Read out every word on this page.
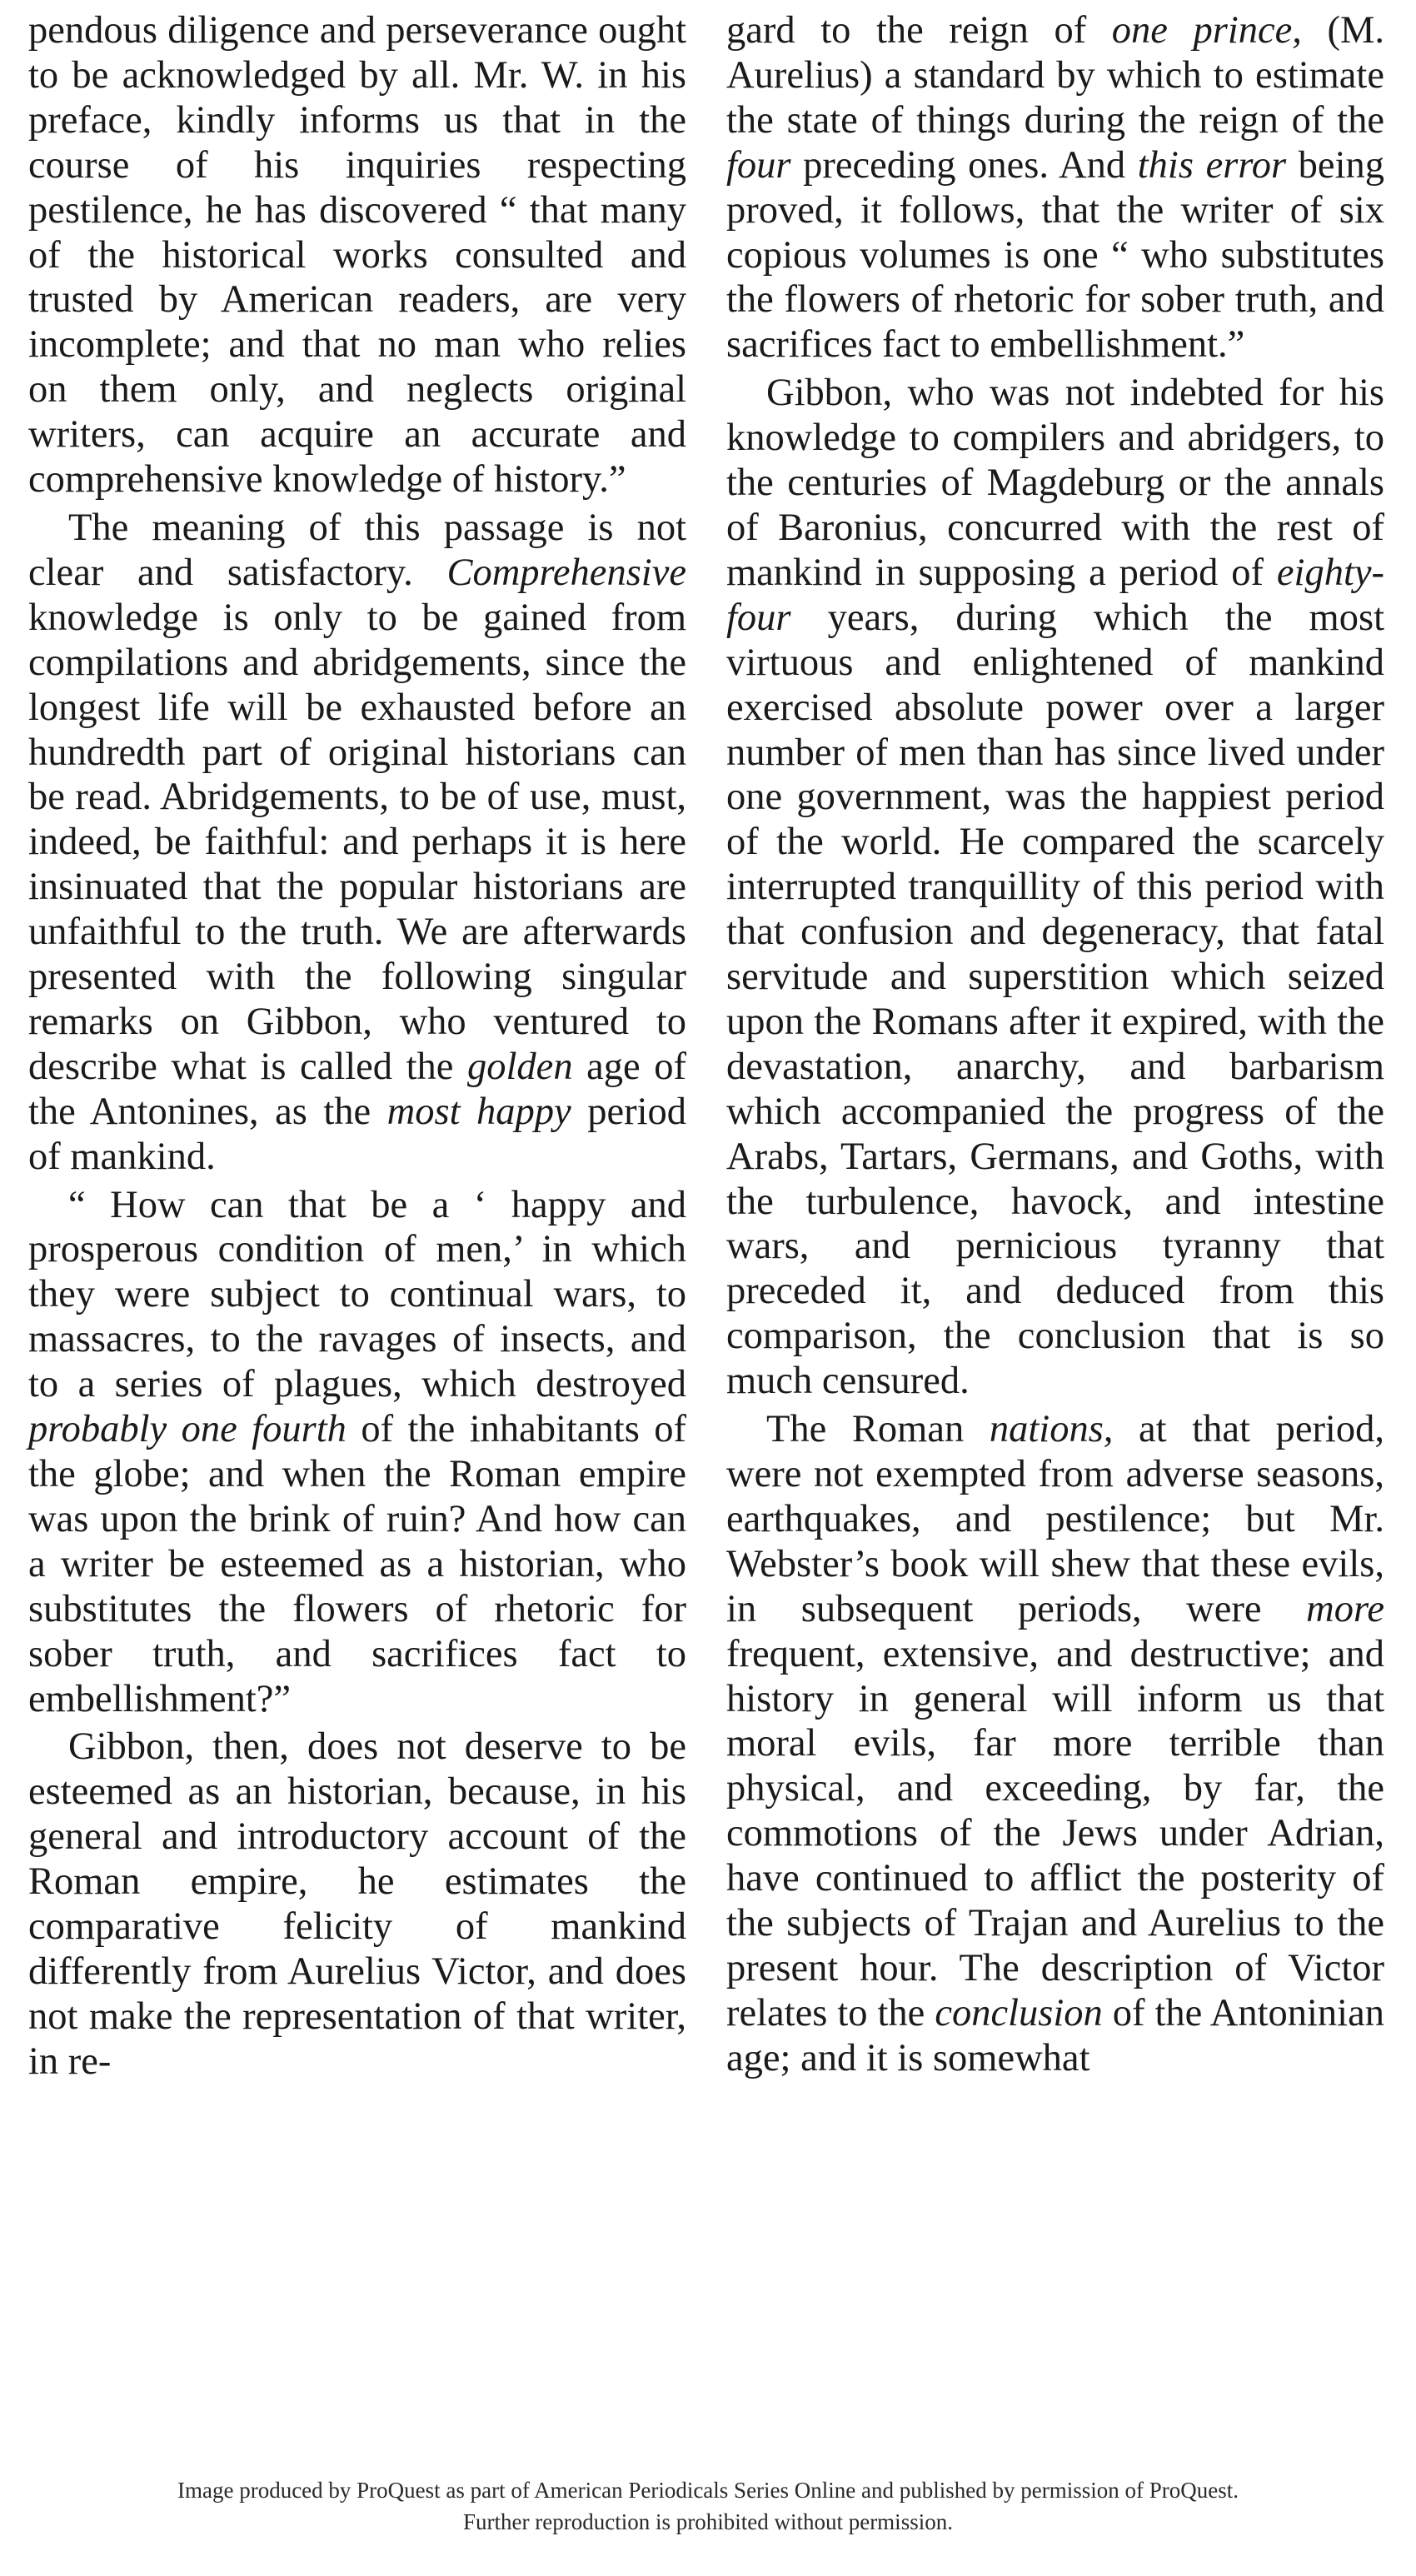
pendous diligence and perseverance ought to be acknowledged by all. Mr. W. in his preface, kindly informs us that in the course of his inquiries respecting pestilence, he has discovered “ that many of the historical works consulted and trusted by American readers, are very incomplete; and that no man who relies on them only, and neglects original writers, can acquire an accurate and comprehensive knowledge of history.”

The meaning of this passage is not clear and satisfactory. Comprehensive knowledge is only to be gained from compilations and abridgements, since the longest life will be exhausted before an hundredth part of original historians can be read. Abridgements, to be of use, must, indeed, be faithful: and perhaps it is here insinuated that the popular historians are unfaithful to the truth. We are afterwards presented with the following singular remarks on Gibbon, who ventured to describe what is called the golden age of the Antonines, as the most happy period of mankind.

“ How can that be a ‘ happy and prosperous condition of men,’ in which they were subject to continual wars, to massacres, to the ravages of insects, and to a series of plagues, which destroyed probably one fourth of the inhabitants of the globe; and when the Roman empire was upon the brink of ruin? And how can a writer be esteemed as a historian, who substitutes the flowers of rhetoric for sober truth, and sacrifices fact to embellishment?”

Gibbon, then, does not deserve to be esteemed as an historian, because, in his general and introductory account of the Roman empire, he estimates the comparative felicity of mankind differently from Aurelius Victor, and does not make the representation of that writer, in re-

gard to the reign of one prince, (M. Aurelius) a standard by which to estimate the state of things during the reign of the four preceding ones. And this error being proved, it follows, that the writer of six copious volumes is one “ who substitutes the flowers of rhetoric for sober truth, and sacrifices fact to embellishment.”

Gibbon, who was not indebted for his knowledge to compilers and abridgers, to the centuries of Magdeburg or the annals of Baronius, concurred with the rest of mankind in supposing a period of eighty-four years, during which the most virtuous and enlightened of mankind exercised absolute power over a larger number of men than has since lived under one government, was the happiest period of the world. He compared the scarcely interrupted tranquillity of this period with that confusion and degeneracy, that fatal servitude and superstition which seized upon the Romans after it expired, with the devastation, anarchy, and barbarism which accompanied the progress of the Arabs, Tartars, Germans, and Goths, with the turbulence, havock, and intestine wars, and pernicious tyranny that preceded it, and deduced from this comparison, the conclusion that is so much censured.

The Roman nations, at that period, were not exempted from adverse seasons, earthquakes, and pestilence; but Mr. Webster’s book will shew that these evils, in subsequent periods, were more frequent, extensive, and destructive; and history in general will inform us that moral evils, far more terrible than physical, and exceeding, by far, the commotions of the Jews under Adrian, have continued to afflict the posterity of the subjects of Trajan and Aurelius to the present hour. The description of Victor relates to the conclusion of the Antoninian age; and it is somewhat

Image produced by ProQuest as part of American Periodicals Series Online and published by permission of ProQuest.
Further reproduction is prohibited without permission.
